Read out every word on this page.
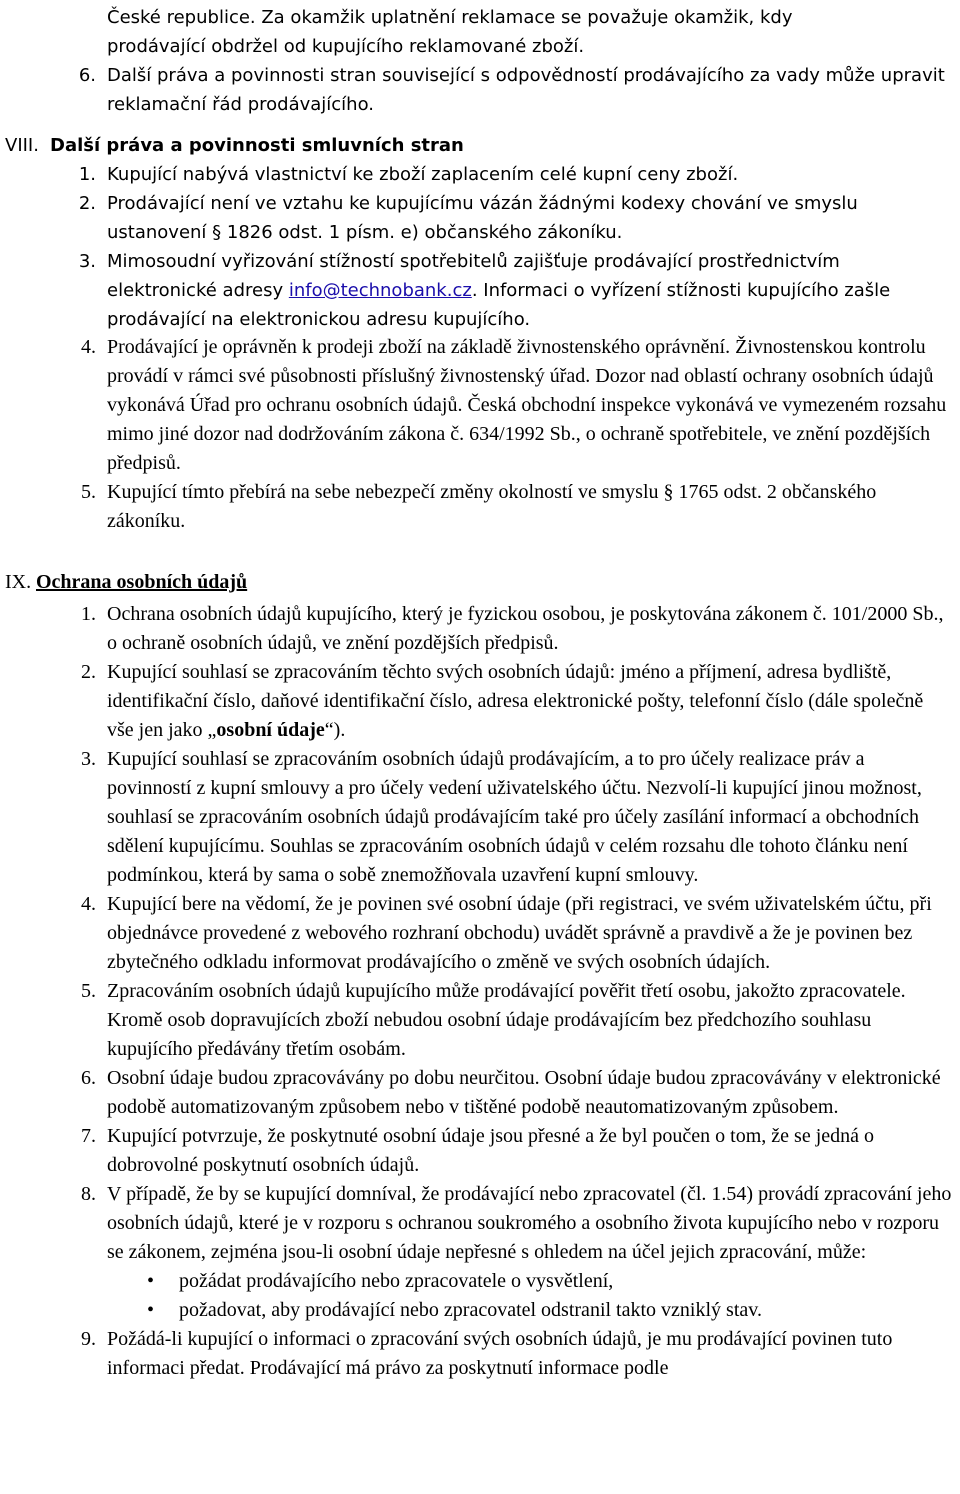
České republice. Za okamžik uplatnění reklamace se považuje okamžik, kdy
prodávající obdržel od kupujícího reklamované zboží.
6. Další práva a povinnosti stran související s odpovědností prodávajícího za vady může upravit reklamační řád prodávajícího.
VIII. Další práva a povinnosti smluvních stran
1. Kupující nabývá vlastnictví ke zboží zaplacením celé kupní ceny zboží.
2. Prodávající není ve vztahu ke kupujícímu vázán žádnými kodexy chování ve smyslu ustanovení § 1826 odst. 1 písm. e) občanského zákoníku.
3. Mimosoudní vyřizování stížností spotřebitelů zajišťuje prodávající prostřednictvím elektronické adresy info@technobank.cz. Informaci o vyřízení stížnosti kupujícího zašle prodávající na elektronickou adresu kupujícího.
4. Prodávající je oprávněn k prodeji zboží na základě živnostenského oprávnění. Živnostenskou kontrolu provádí v rámci své působnosti příslušný živnostenský úřad. Dozor nad oblastí ochrany osobních údajů vykonává Úřad pro ochranu osobních údajů. Česká obchodní inspekce vykonává ve vymezeném rozsahu mimo jiné dozor nad dodržováním zákona č. 634/1992 Sb., o ochraně spotřebitele, ve znění pozdějších předpisů.
5. Kupující tímto přebírá na sebe nebezpečí změny okolností ve smyslu § 1765 odst. 2 občanského zákoníku.
IX. Ochrana osobních údajů
1. Ochrana osobních údajů kupujícího, který je fyzickou osobou, je poskytována zákonem č. 101/2000 Sb., o ochraně osobních údajů, ve znění pozdějších předpisů.
2. Kupující souhlasí se zpracováním těchto svých osobních údajů: jméno a příjmení, adresa bydliště, identifikační číslo, daňové identifikační číslo, adresa elektronické pošty, telefonní číslo (dále společně vše jen jako „osobní údaje“).
3. Kupující souhlasí se zpracováním osobních údajů prodávajícím, a to pro účely realizace práv a povinností z kupní smlouvy a pro účely vedení uživatelského účtu. Nezvolí-li kupující jinou možnost, souhlasí se zpracováním osobních údajů prodávajícím také pro účely zasílání informací a obchodních sdělení kupujícímu. Souhlas se zpracováním osobních údajů v celém rozsahu dle tohoto článku není podmínkou, která by sama o sobě znemožňovala uzavření kupní smlouvy.
4. Kupující bere na vědomí, že je povinen své osobní údaje (při registraci, ve svém uživatelském účtu, při objednávce provedené z webového rozhraní obchodu) uvádět správně a pravdivě a že je povinen bez zbytečného odkladu informovat prodávajícího o změně ve svých osobních údajích.
5. Zpracováním osobních údajů kupujícího může prodávající pověřit třetí osobu, jakožto zpracovatele. Kromě osob dopravujících zboží nebudou osobní údaje prodávajícím bez předchozího souhlasu kupujícího předávány třetím osobám.
6. Osobní údaje budou zpracovávány po dobu neurčitou. Osobní údaje budou zpracovávány v elektronické podobě automatizovaným způsobem nebo v tištěné podobě neautomatizovaným způsobem.
7. Kupující potvrzuje, že poskytnuté osobní údaje jsou přesné a že byl poučen o tom, že se jedná o dobrovolné poskytnutí osobních údajů.
8. V případě, že by se kupující domníval, že prodávající nebo zpracovatel (čl. 1.54) provádí zpracování jeho osobních údajů, které je v rozporu s ochranou soukromého a osobního života kupujícího nebo v rozporu se zákonem, zejména jsou-li osobní údaje nepřesné s ohledem na účel jejich zpracování, může:
• požádat prodávajícího nebo zpracovatele o vysvětlení,
• požadovat, aby prodávající nebo zpracovatel odstranil takto vzniklý stav.
9. Požádá-li kupující o informaci o zpracování svých osobních údajů, je mu prodávající povinen tuto informaci předat. Prodávající má právo za poskytnutí informace podle
